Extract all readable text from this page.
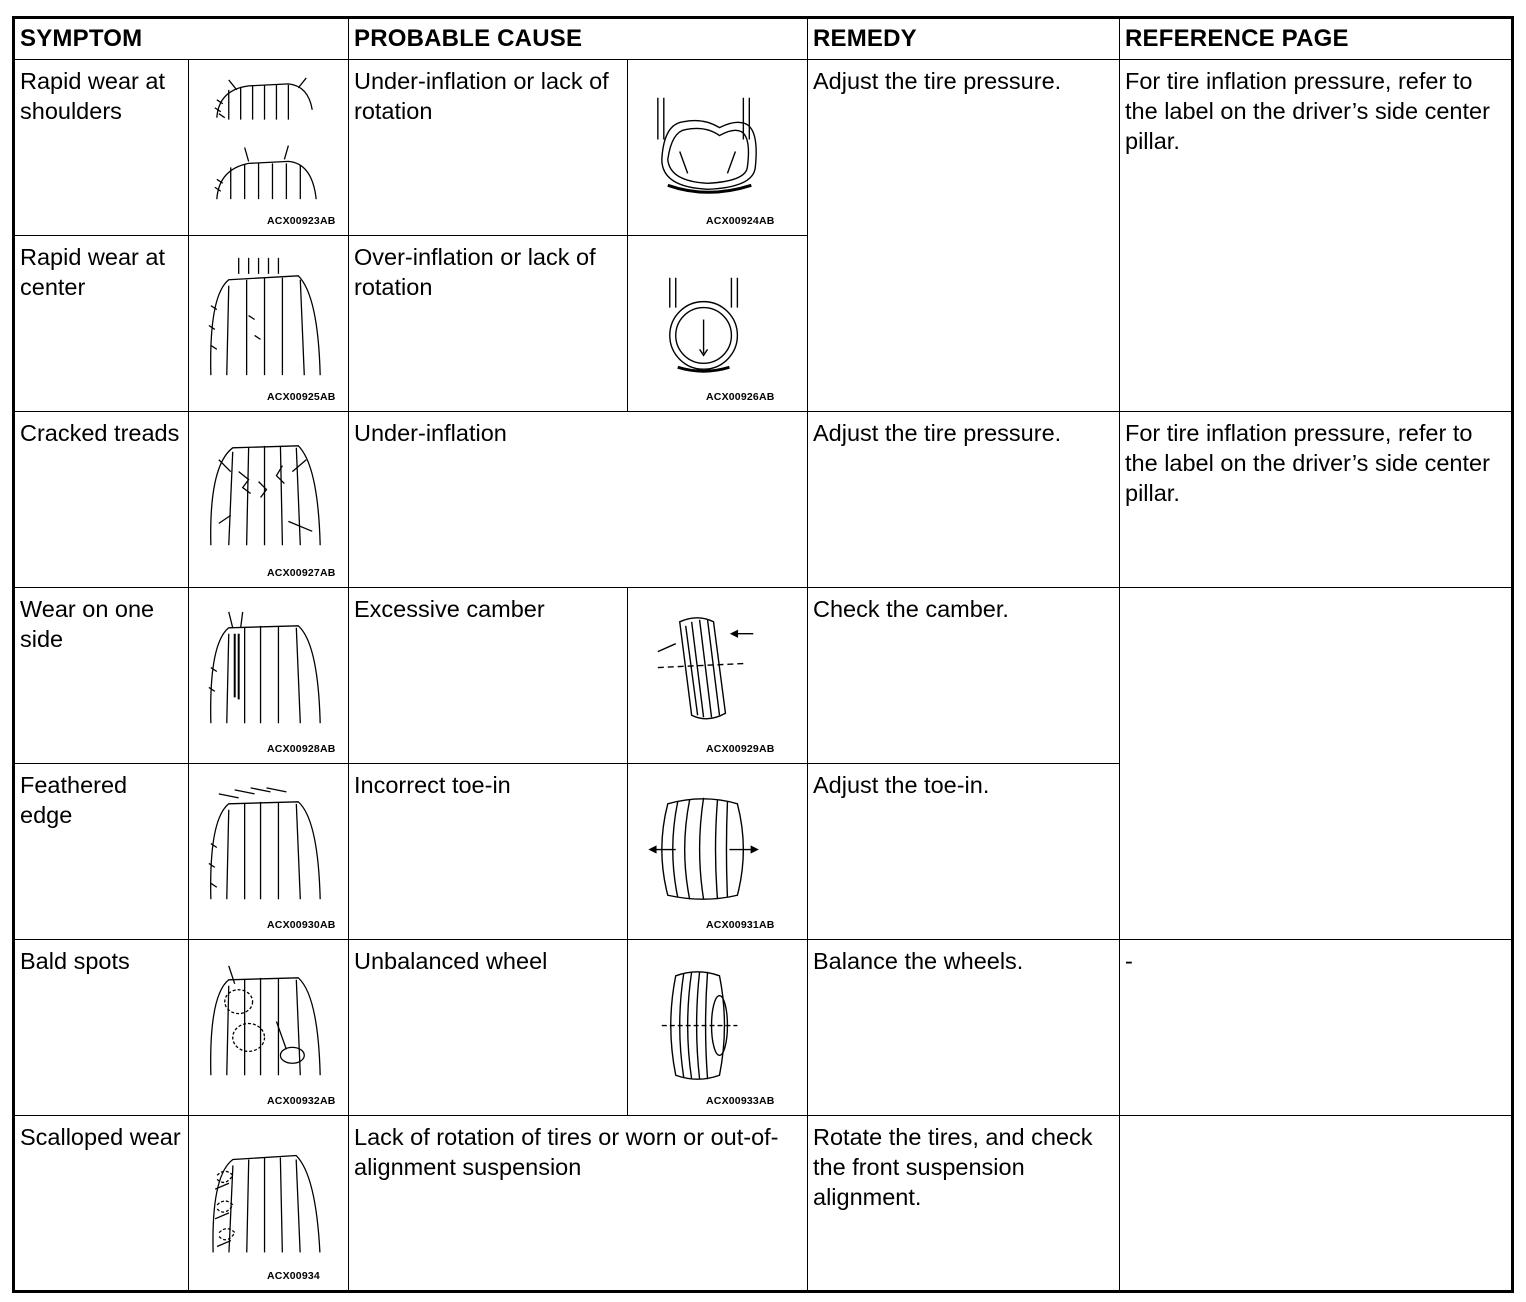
SYMPTOM		PROBABLE CAUSE		REMEDY	REFERENCE PAGE

Rapid wear at shoulders	ACX00923AB	Under-inflation or lack of rotation	ACX00924AB	Adjust the tire pressure.	For tire inflation pressure, refer to the label on the driver’s side center pillar.

Rapid wear at center	ACX00925AB	Over-inflation or lack of rotation	ACX00926AB		

Cracked treads	ACX00927AB	Under-inflation		Adjust the tire pressure.	For tire inflation pressure, refer to the label on the driver’s side center pillar.

Wear on one side	ACX00928AB	Excessive camber	ACX00929AB	Check the camber.	

Feathered edge	ACX00930AB	Incorrect toe-in	ACX00931AB	Adjust the toe-in.	

Bald spots	ACX00932AB	Unbalanced wheel	ACX00933AB	Balance the wheels.	-

Scalloped wear	ACX00934	Lack of rotation of tires or worn or out-of-alignment suspension		Rotate the tires, and check the front suspension alignment.	
